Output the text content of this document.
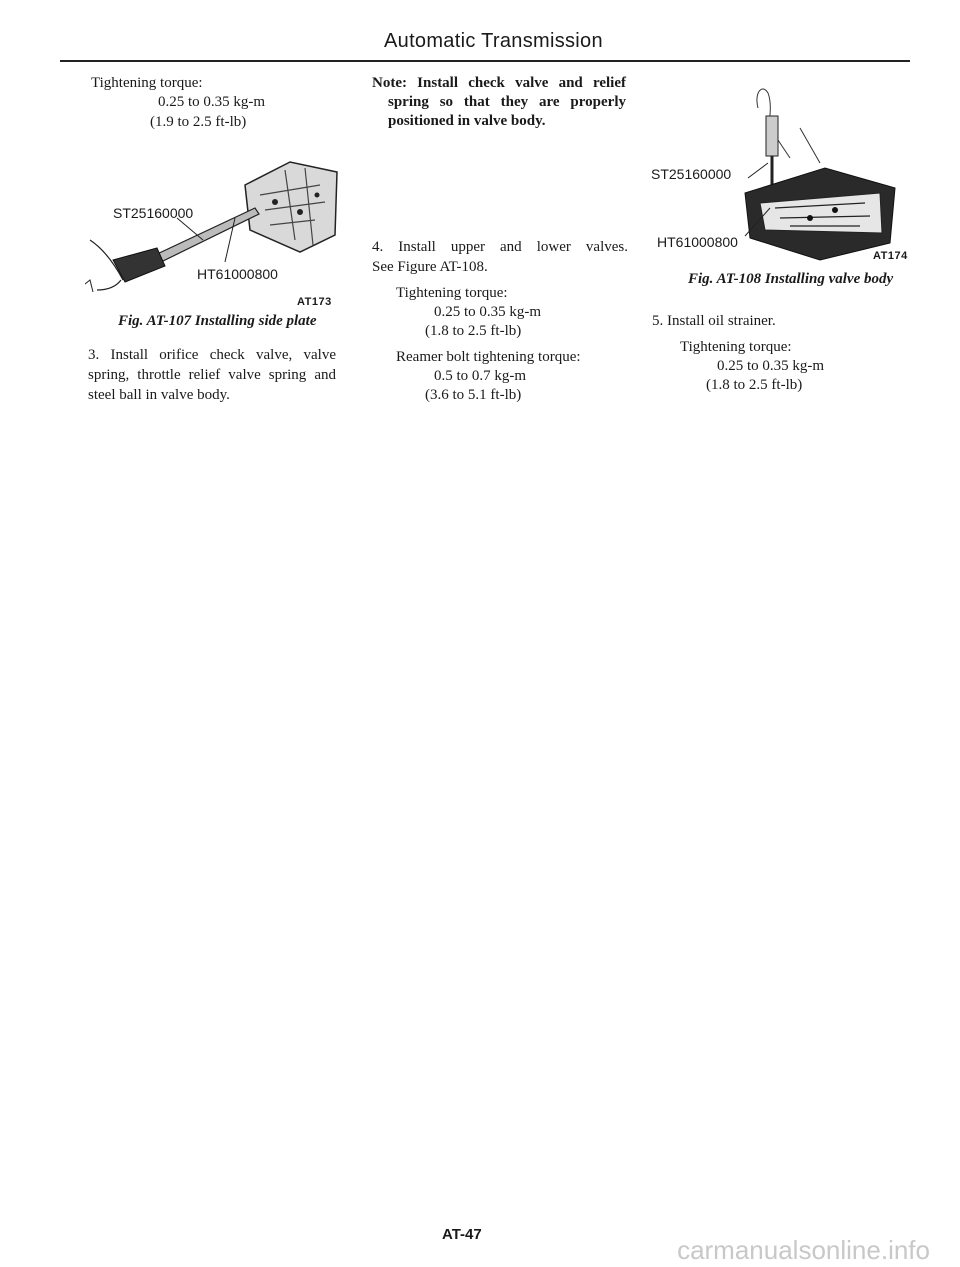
Automatic Transmission
Tightening torque:
0.25 to 0.35 kg-m
(1.9 to 2.5 ft-lb)
ST25160000
HT61000800
AT173
Fig. AT-107 Installing side plate
3. Install orifice check valve, valve
spring, throttle relief valve spring and
steel ball in valve body.
Note: Install check valve and relief
spring so that they are properly
positioned in valve body.
4. Install upper and lower valves.
See Figure AT-108.
Tightening torque:
0.25 to 0.35 kg-m
(1.8 to 2.5 ft-lb)
Reamer bolt tightening torque:
0.5 to 0.7 kg-m
(3.6 to 5.1 ft-lb)
ST25160000
HT61000800
AT174
Fig. AT-108 Installing valve body
5. Install oil strainer.
Tightening torque:
0.25 to 0.35 kg-m
(1.8 to 2.5 ft-lb)
AT-47
carmanualsonline.info
